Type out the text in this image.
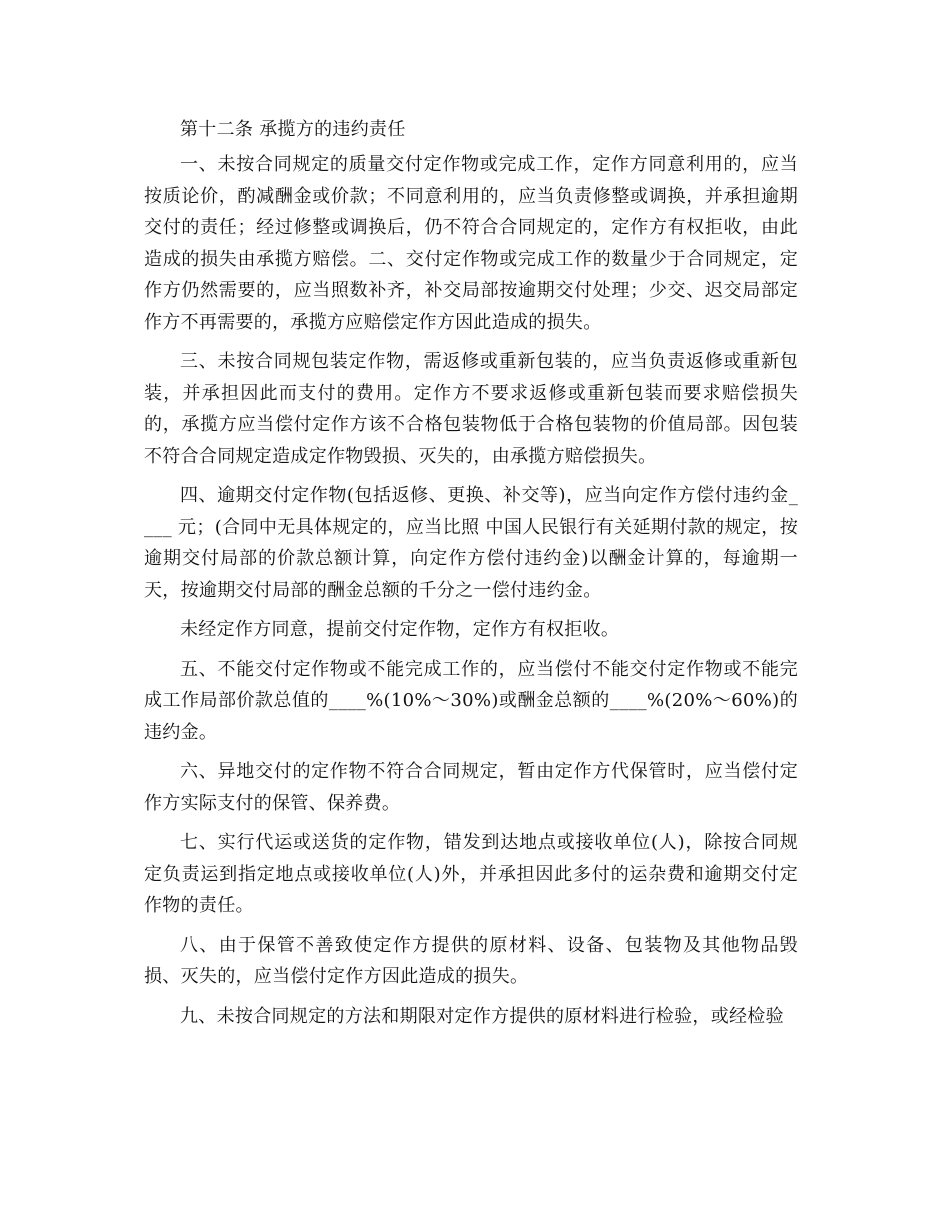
第十二条 承揽方的违约责任

一、未按合同规定的质量交付定作物或完成工作，定作方同意利用的，应当按质论价，酌减酬金或价款；不同意利用的，应当负责修整或调换，并承担逾期交付的责任；经过修整或调换后，仍不符合合同规定的，定作方有权拒收，由此造成的损失由承揽方赔偿。二、交付定作物或完成工作的数量少于合同规定，定作方仍然需要的，应当照数补齐，补交局部按逾期交付处理；少交、迟交局部定作方不再需要的，承揽方应赔偿定作方因此造成的损失。

三、未按合同规包装定作物，需返修或重新包装的，应当负责返修或重新包装，并承担因此而支付的费用。定作方不要求返修或重新包装而要求赔偿损失的，承揽方应当偿付定作方该不合格包装物低于合格包装物的价值局部。因包装不符合合同规定造成定作物毁损、灭失的，由承揽方赔偿损失。

四、逾期交付定作物(包括返修、更换、补交等)，应当向定作方偿付违约金____ 元；(合同中无具体规定的，应当比照 中国人民银行有关延期付款的规定，按逾期交付局部的价款总额计算，向定作方偿付违约金)以酬金计算的，每逾期一天，按逾期交付局部的酬金总额的千分之一偿付违约金。

未经定作方同意，提前交付定作物，定作方有权拒收。

五、不能交付定作物或不能完成工作的，应当偿付不能交付定作物或不能完成工作局部价款总值的____%(10%～30%)或酬金总额的____%(20%～60%)的违约金。

六、异地交付的定作物不符合合同规定，暂由定作方代保管时，应当偿付定作方实际支付的保管、保养费。

七、实行代运或送货的定作物，错发到达地点或接收单位(人)，除按合同规定负责运到指定地点或接收单位(人)外，并承担因此多付的运杂费和逾期交付定作物的责任。

八、由于保管不善致使定作方提供的原材料、设备、包装物及其他物品毁损、灭失的，应当偿付定作方因此造成的损失。

九、未按合同规定的方法和期限对定作方提供的原材料进行检验，或经检验
